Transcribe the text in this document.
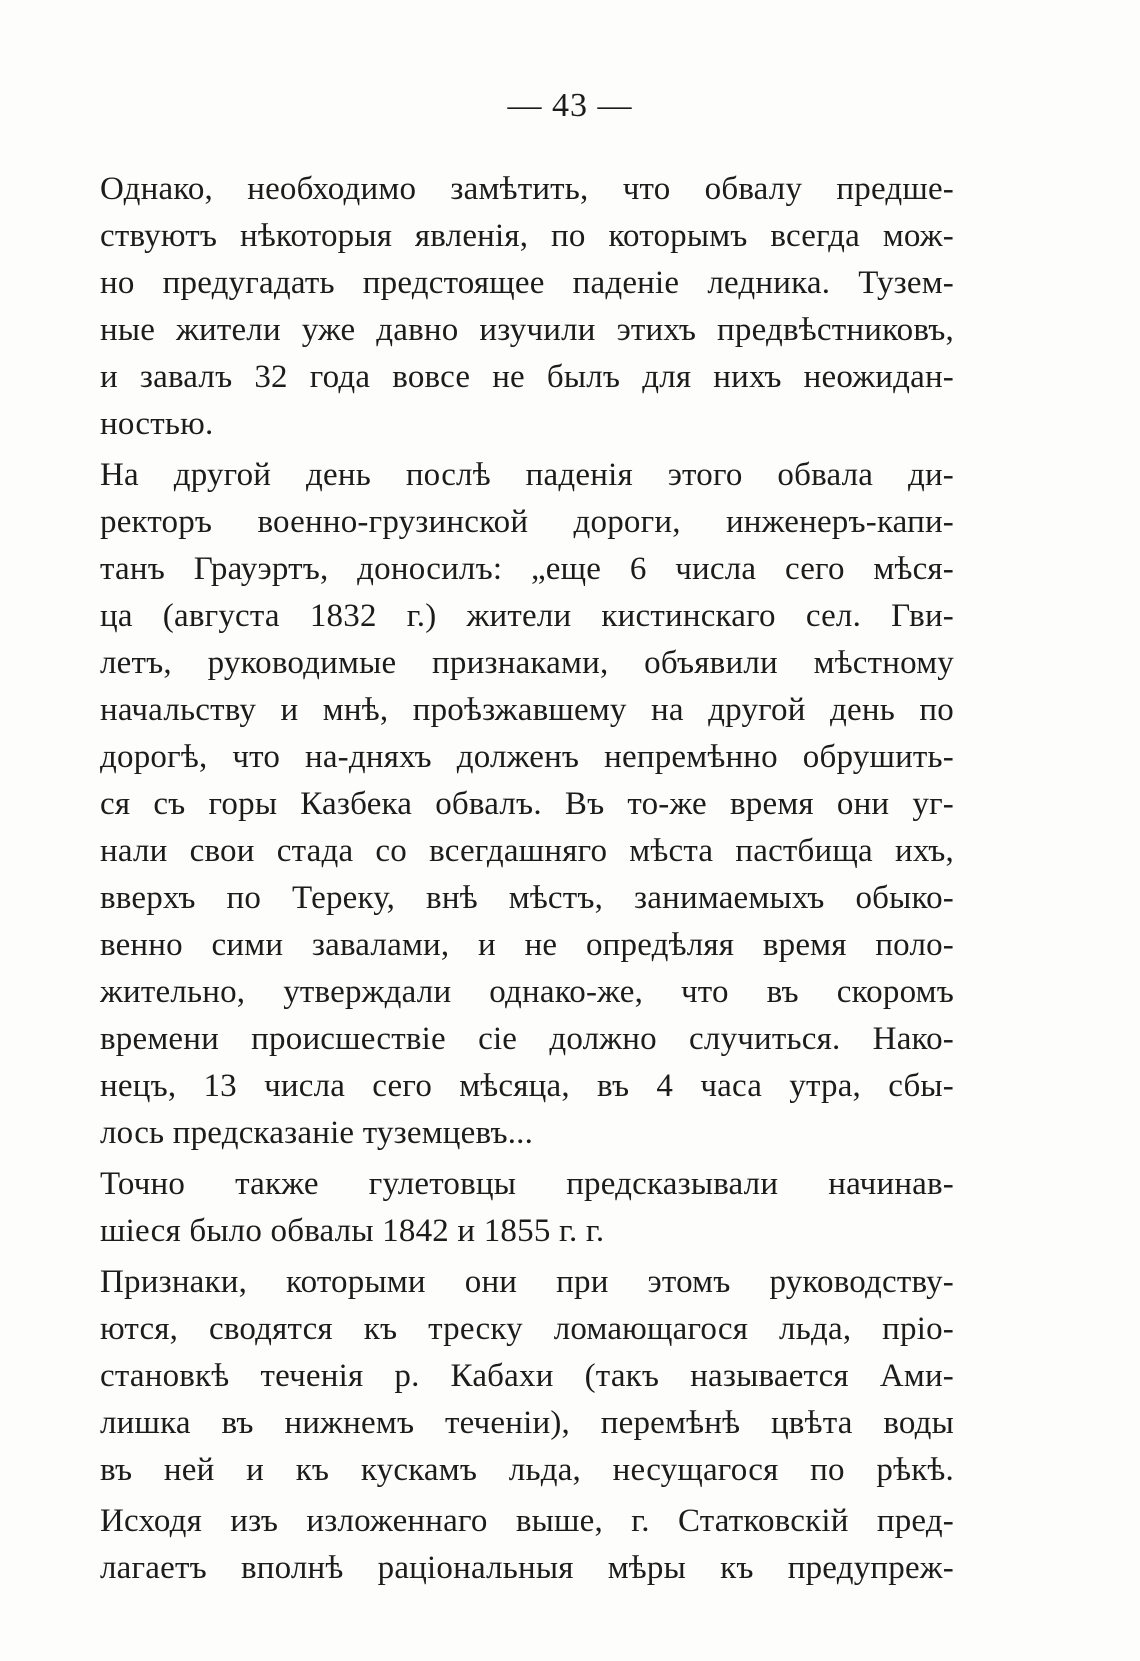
— 43 —
Однако, необходимо замѣтить, что обвалу предше-
ствуютъ нѣкоторыя явленія, по которымъ всегда мож-
но предугадать предстоящее паденіе ледника. Тузем-
ные жители уже давно изучили этихъ предвѣстниковъ,
и завалъ 32 года вовсе не былъ для нихъ неожидан-
ностью.
На другой день послѣ паденія этого обвала ди-
ректоръ военно-грузинской дороги, инженеръ-капи-
танъ Грауэртъ, доносилъ: „еще 6 числа сего мѣся-
ца (августа 1832 г.) жители кистинскаго сел. Гви-
летъ, руководимые признаками, объявили мѣстному
начальству и мнѣ, проѣзжавшему на другой день по
дорогѣ, что на-дняхъ долженъ непремѣнно обрушить-
ся съ горы Казбека обвалъ. Въ то-же время они уг-
нали свои стада со всегдашняго мѣста пастбища ихъ,
вверхъ по Тереку, внѣ мѣстъ, занимаемыхъ обыко-
венно сими завалами, и не опредѣляя время поло-
жительно, утверждали однако-же, что въ скоромъ
времени происшествіе сіе должно случиться. Нако-
нецъ, 13 числа сего мѣсяца, въ 4 часа утра, сбы-
лось предсказаніе туземцевъ...
Точно также гулетовцы предсказывали начинав-
шіеся было обвалы 1842 и 1855 г. г.
Признаки, которыми они при этомъ руководству-
ются, сводятся къ треску ломающагося льда, пріо-
становкѣ теченія р. Кабахи (такъ называется Ами-
лишка въ нижнемъ теченіи), перемѣнѣ цвѣта воды
въ ней и къ кускамъ льда, несущагося по рѣкѣ.
Исходя изъ изложеннаго выше, г. Статковскій пред-
лагаетъ вполнѣ раціональныя мѣры къ предупреж-
